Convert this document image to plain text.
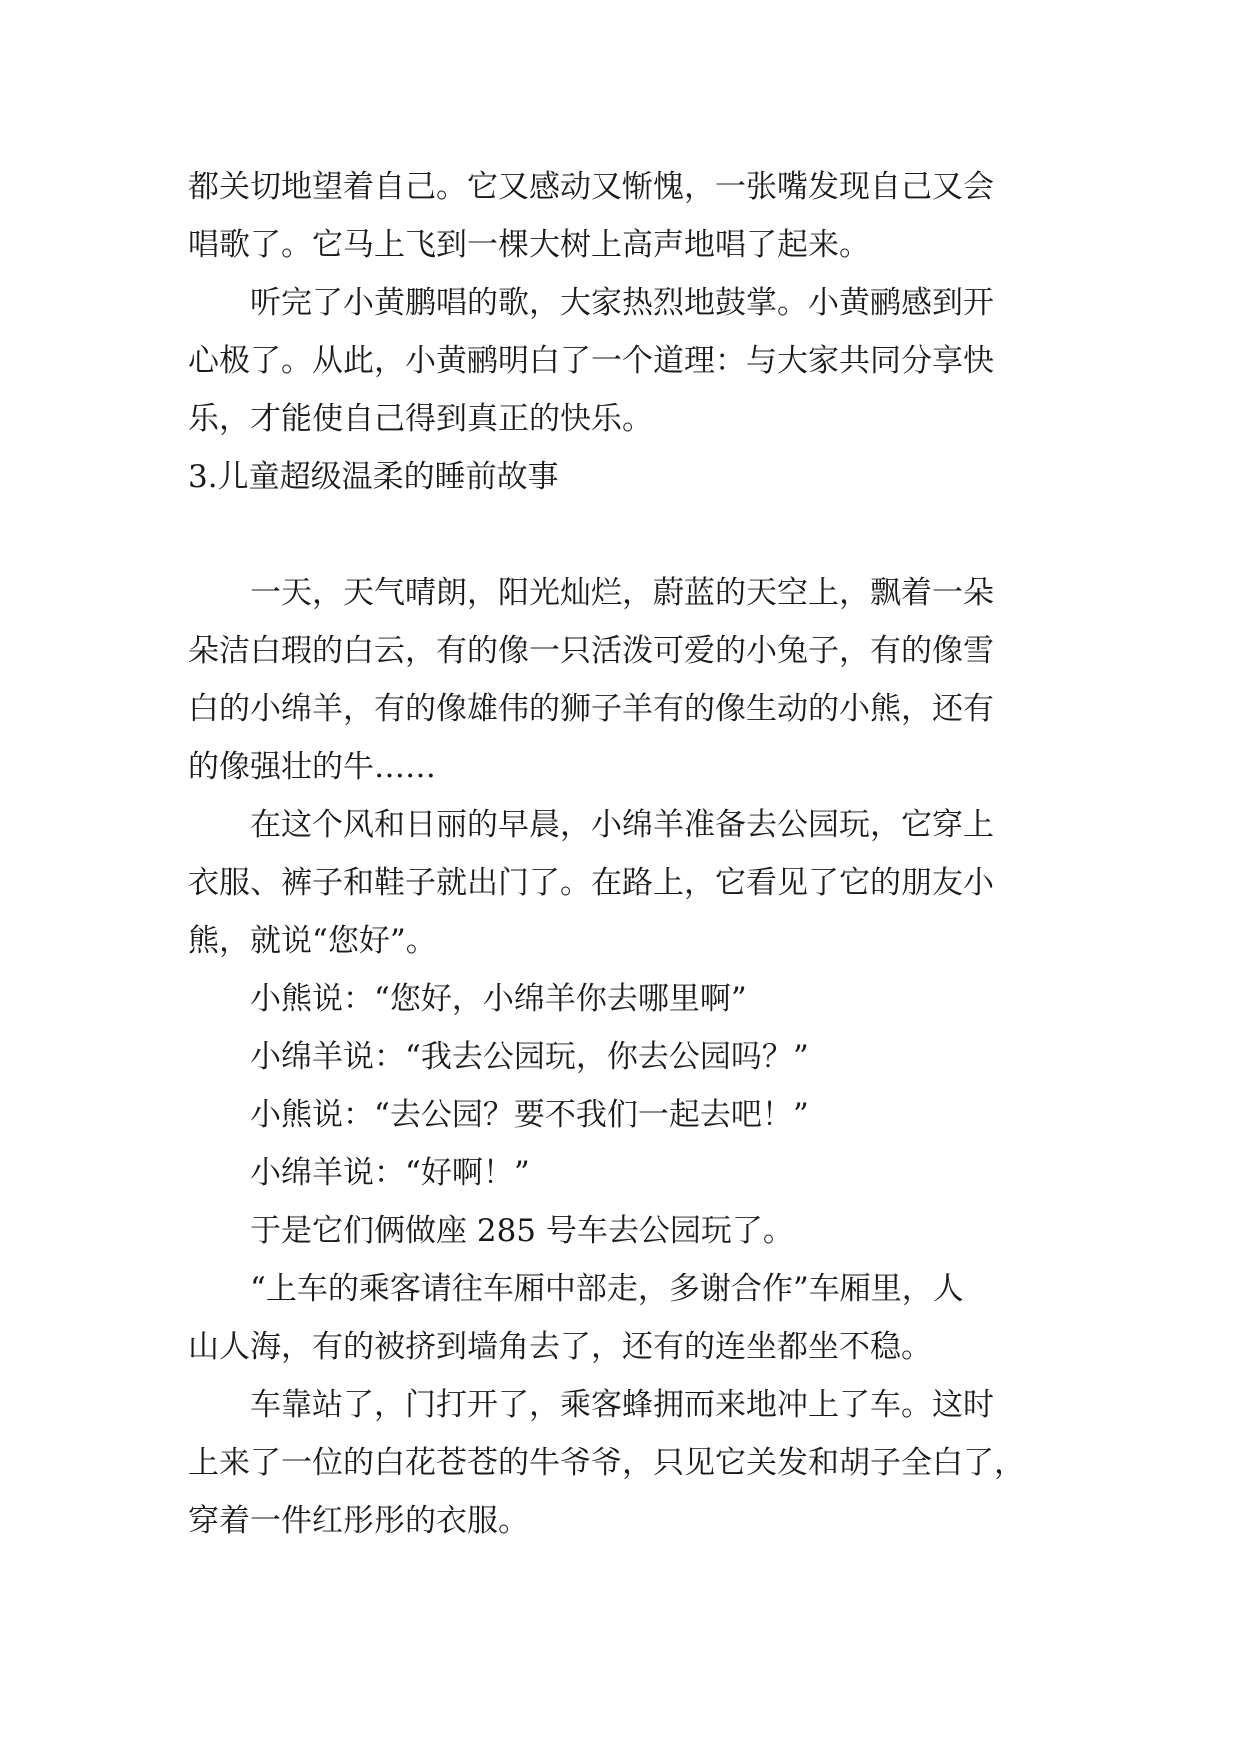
都关切地望着自己。它又感动又惭愧，一张嘴发现自己又会
唱歌了。它马上飞到一棵大树上高声地唱了起来。

听完了小黄鹏唱的歌，大家热烈地鼓掌。小黄鹂感到开
心极了。从此，小黄鹂明白了一个道理：与大家共同分享快
乐，才能使自己得到真正的快乐。

3.儿童超级温柔的睡前故事

一天，天气晴朗，阳光灿烂，蔚蓝的天空上，飘着一朵
朵洁白瑕的白云，有的像一只活泼可爱的小兔子，有的像雪
白的小绵羊，有的像雄伟的狮子羊有的像生动的小熊，还有
的像强壮的牛……

在这个风和日丽的早晨，小绵羊准备去公园玩，它穿上
衣服、裤子和鞋子就出门了。在路上，它看见了它的朋友小
熊，就说“您好”。

小熊说：“您好，小绵羊你去哪里啊”

小绵羊说：“我去公园玩，你去公园吗？”

小熊说：“去公园？要不我们一起去吧！”

小绵羊说：“好啊！”

于是它们俩做座 285 号车去公园玩了。

“上车的乘客请往车厢中部走，多谢合作”车厢里，人
山人海，有的被挤到墙角去了，还有的连坐都坐不稳。

车靠站了，门打开了，乘客蜂拥而来地冲上了车。这时
上来了一位的白花苍苍的牛爷爷，只见它关发和胡子全白了，
穿着一件红彤彤的衣服。
